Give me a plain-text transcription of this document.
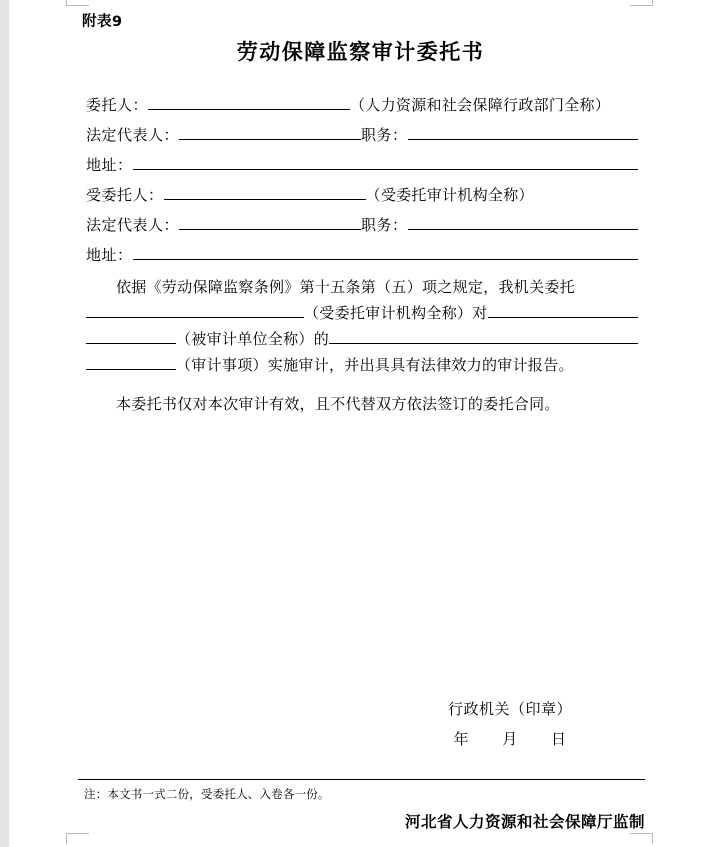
附表9
劳动保障监察审计委托书
委托人：	（人力资源和社会保障行政部门全称）
法定代表人：	职务：
地址：
受委托人：	（受委托审计机构全称）
法定代表人：	职务：
地址：
依据《劳动保障监察条例》第十五条第（五）项之规定，我机关委托
（受委托审计机构全称）对
（被审计单位全称）的
（审计事项）实施审计，并出具具有法律效力的审计报告。
本委托书仅对本次审计有效，且不代替双方依法签订的委托合同。
行政机关（印章）
年 月 日
注：本文书一式二份，受委托人、入卷各一份。
河北省人力资源和社会保障厅监制
